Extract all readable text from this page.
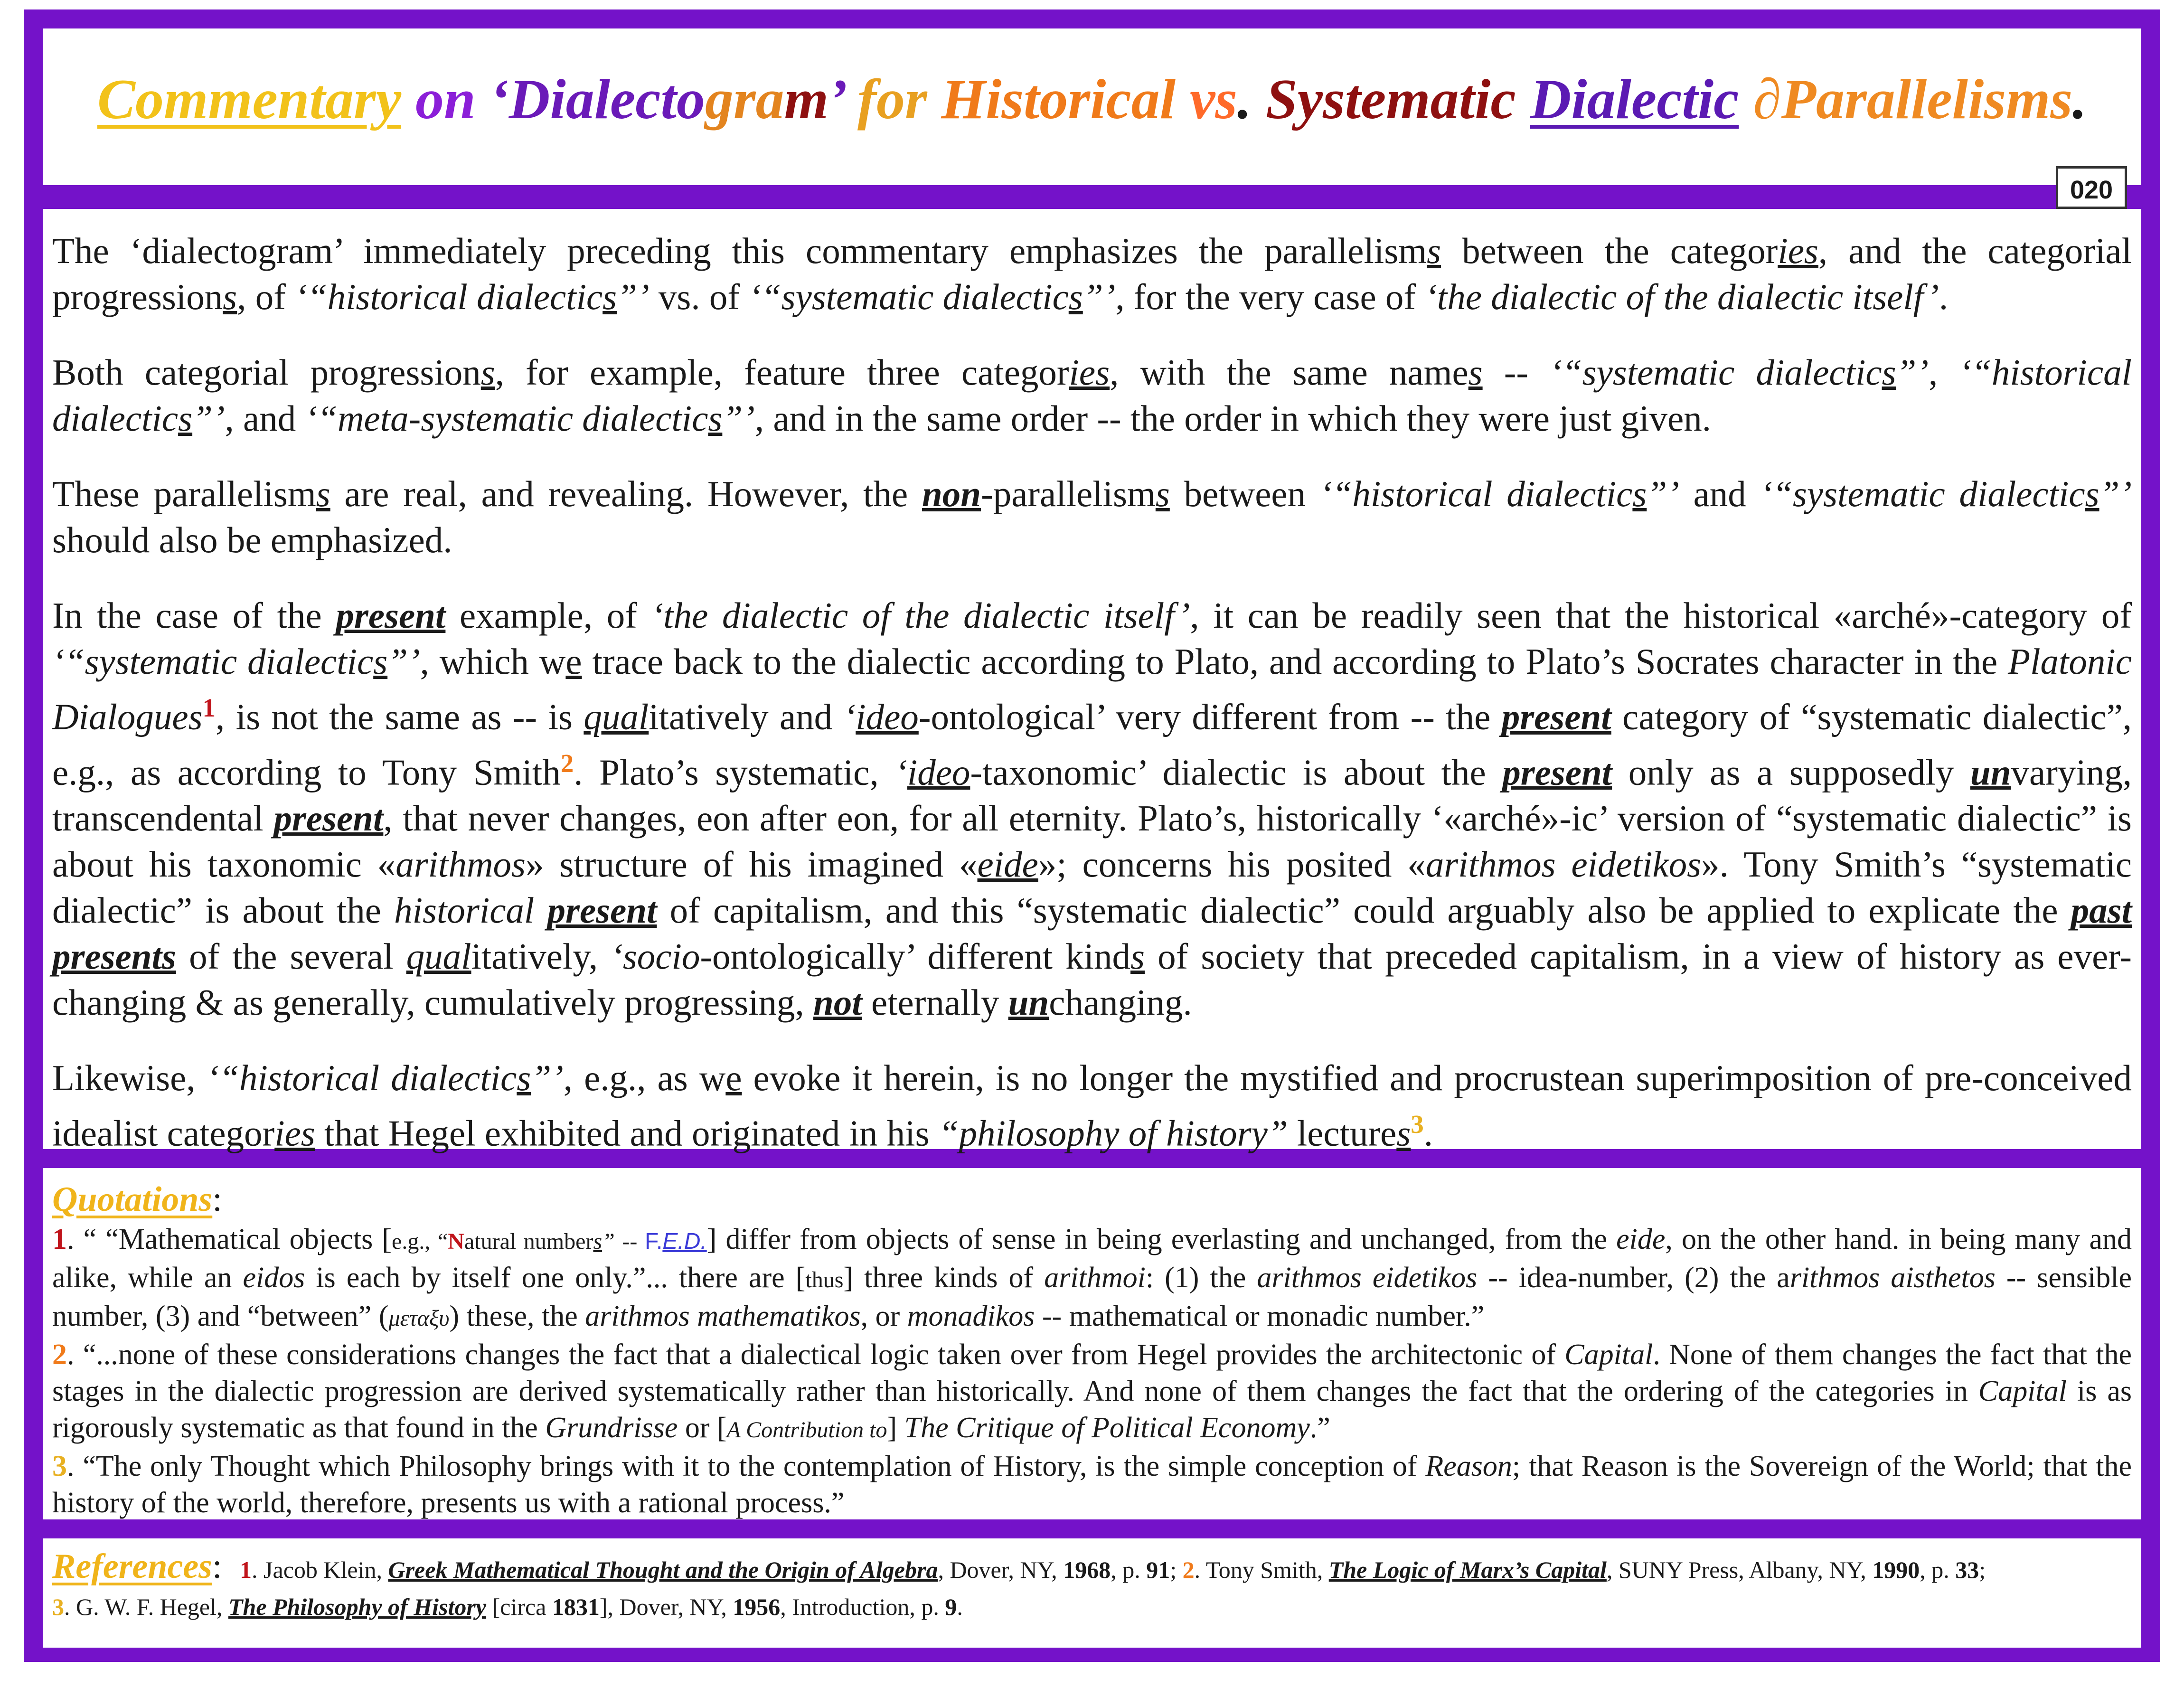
Commentary on ‘Dialectogram’ for Historical vs. Systematic Dialectic ∂Parallelisms.
020

The ‘dialectogram’ immediately preceding this commentary emphasizes the parallelisms between the categories, and the categorial progressions, of ‘“historical dialectics”’ vs. of ‘“systematic dialectics”’, for the very case of ‘the dialectic of the dialectic itself’.

Both categorial progressions, for example, feature three categories, with the same names -- ‘“systematic dialectics”’, ‘“historical dialectics”’, and ‘“meta-systematic dialectics”’, and in the same order -- the order in which they were just given.

These parallelisms are real, and revealing. However, the non-parallelisms between ‘“historical dialectics”’ and ‘“systematic dialectics”’ should also be emphasized.

In the case of the present example, of ‘the dialectic of the dialectic itself’, it can be readily seen that the historical «arché»-category of ‘“systematic dialectics”’, which we trace back to the dialectic according to Plato, and according to Plato’s Socrates character in the Platonic Dialogues$^1$, is not the same as -- is qualitatively and ‘ideo-ontological’ very different from -- the present category of “systematic dialectic”, e.g., as according to Tony Smith$^2$. Plato’s systematic, ‘ideo-taxonomic’ dialectic is about the present only as a supposedly unvarying, transcendental present, that never changes, eon after eon, for all eternity. Plato’s, historically ‘«arché»-ic’ version of “systematic dialectic” is about his taxonomic «arithmos» structure of his imagined «eide»; concerns his posited «arithmos eidetikos». Tony Smith’s “systematic dialectic” is about the historical present of capitalism, and this “systematic dialectic” could arguably also be applied to explicate the past presents of the several qualitatively, ‘socio-ontologically’ different kinds of society that preceded capitalism, in a view of history as ever-changing & as generally, cumulatively progressing, not eternally unchanging.

Likewise, ‘“historical dialectics”’, e.g., as we evoke it herein, is no longer the mystified and procrustean superimposition of pre-conceived idealist categories that Hegel exhibited and originated in his “philosophy of history” lectures$^3$.

Quotations:

1. “ “Mathematical objects [e.g., “Natural numbers” -- F.E.D.] differ from objects of sense in being everlasting and unchanged, from the eide, on the other hand. in being many and alike, while an eidos is each by itself one only.”... there are [thus] three kinds of arithmoi: (1) the arithmos eidetikos -- idea-number, (2) the arithmos aisthetos -- sensible number, (3) and “between” (μεταξυ) these, the arithmos mathematikos, or monadikos -- mathematical or monadic number.”

2. “...none of these considerations changes the fact that a dialectical logic taken over from Hegel provides the architectonic of Capital. None of them changes the fact that the stages in the dialectic progression are derived systematically rather than historically. And none of them changes the fact that the ordering of the categories in Capital is as rigorously systematic as that found in the Grundrisse or [A Contribution to] The Critique of Political Economy.”

3. “The only Thought which Philosophy brings with it to the contemplation of History, is the simple conception of Reason; that Reason is the Sovereign of the World; that the history of the world, therefore, presents us with a rational process.”

References: 1. Jacob Klein, Greek Mathematical Thought and the Origin of Algebra, Dover, NY, 1968, p. 91; 2. Tony Smith, The Logic of Marx’s Capital, SUNY Press, Albany, NY, 1990, p. 33;

3. G. W. F. Hegel, The Philosophy of History [circa 1831], Dover, NY, 1956, Introduction, p. 9.
